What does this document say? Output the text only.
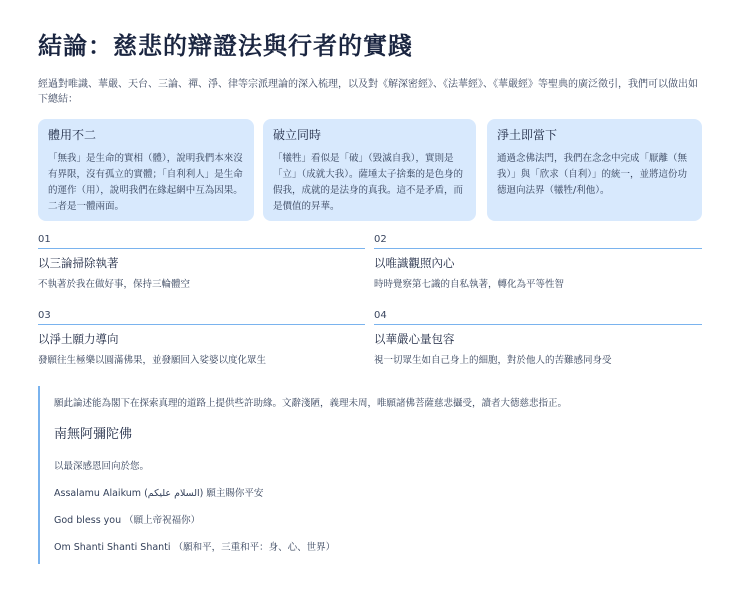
結論：慈悲的辯證法與行者的實踐

經過對唯識、華嚴、天台、三論、禪、淨、律等宗派理論的深入梳理，以及對《解深密經》、《法華經》、《華嚴經》等聖典的廣泛徵引，我們可以做出如下總結：

體用不二

「無我」是生命的實相（體），說明我們本來沒有界限，沒有孤立的實體；「自利利人」是生命的運作（用），說明我們在緣起網中互為因果。二者是一體兩面。

破立同時

「犧牲」看似是「破」（毀滅自我），實則是「立」（成就大我）。薩埵太子捨棄的是色身的假我，成就的是法身的真我。這不是矛盾，而是價值的昇華。

淨土即當下

通過念佛法門，我們在念念中完成「厭離（無我）」與「欣求（自利）」的統一，並將這份功德迴向法界（犧牲/利他）。

01
以三論掃除執著

不執著於我在做好事，保持三輪體空

02
以唯識觀照內心

時時覺察第七識的自私執著，轉化為平等性智

03
以淨土願力導向

發願往生極樂以圓滿佛果，並發願回入娑婆以度化眾生

04
以華嚴心量包容

視一切眾生如自己身上的細胞，對於他人的苦難感同身受

願此論述能為閣下在探索真理的道路上提供些許助緣。文辭淺陋，義理未周，唯願諸佛菩薩慈悲攝受，讀者大德慈悲指正。

南無阿彌陀佛

以最深感恩回向於您。

Assalamu Alaikum (السلام عليكم) 願主賜你平安

God bless you （願上帝祝福你）

Om Shanti Shanti Shanti （願和平，三重和平：身、心、世界）
